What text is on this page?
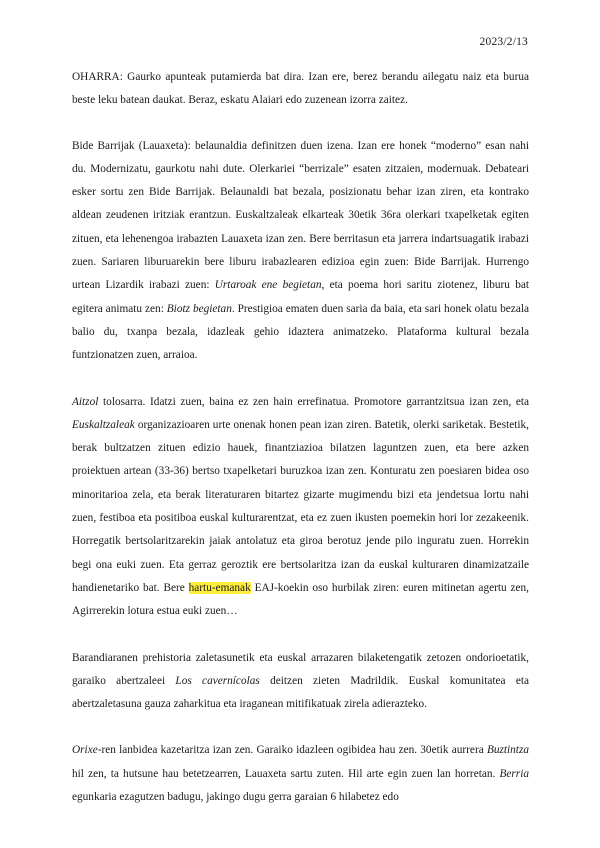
2023/2/13

OHARRA: Gaurko apunteak putamierda bat dira. Izan ere, berez berandu ailegatu naiz eta burua beste leku batean daukat. Beraz, eskatu Alaiari edo zuzenean izorra zaitez.

Bide Barrijak (Lauaxeta): belaunaldia definitzen duen izena. Izan ere honek “moderno” esan nahi du. Modernizatu, gaurkotu nahi dute. Olerkariei “berrizale” esaten zitzaien, modernuak. Debateari esker sortu zen Bide Barrijak. Belaunaldi bat bezala, posizionatu behar izan ziren, eta kontrako aldean zeudenen iritziak erantzun. Euskaltzaleak elkarteak 30etik 36ra olerkari txapelketak egiten zituen, eta lehenengoa irabazten Lauaxeta izan zen. Bere berritasun eta jarrera indartsuagatik irabazi zuen. Sariaren liburuarekin bere liburu irabazlearen edizioa egin zuen: Bide Barrijak. Hurrengo urtean Lizardik irabazi zuen: Urtaroak ene begietan, eta poema hori saritu ziotenez, liburu bat egitera animatu zen: Biotz begietan. Prestigioa ematen duen saria da baia, eta sari honek olatu bezala balio du, txanpa bezala, idazleak gehio idaztera animatzeko. Plataforma kultural bezala funtzionatzen zuen, arraioa.

Aitzol tolosarra. Idatzi zuen, baina ez zen hain errefinatua. Promotore garrantzitsua izan zen, eta Euskaltzaleak organizazioaren urte onenak honen pean izan ziren. Batetik, olerki sariketak. Bestetik, berak bultzatzen zituen edizio hauek, finantziazioa bilatzen laguntzen zuen, eta bere azken proiektuen artean (33-36) bertso txapelketari buruzkoa izan zen. Konturatu zen poesiaren bidea oso minoritarioa zela, eta berak literaturaren bitartez gizarte mugimendu bizi eta jendetsua lortu nahi zuen, festiboa eta positiboa euskal kulturarentzat, eta ez zuen ikusten poemekin hori lor zezakeenik. Horregatik bertsolaritzarekin jaiak antolatuz eta giroa berotuz jende pilo inguratu zuen. Horrekin begi ona euki zuen. Eta gerraz geroztik ere bertsolaritza izan da euskal kulturaren dinamizatzaile handienetariko bat. Bere hartu-emanak EAJ-koekin oso hurbilak ziren: euren mitinetan agertu zen, Agirrerekin lotura estua euki zuen…

Barandiaranen prehistoria zaletasunetik eta euskal arrazaren bilaketengatik zetozen ondorioetatik, garaiko abertzaleei Los cavernícolas deitzen zieten Madrildik. Euskal komunitatea eta abertzaletasuna gauza zaharkitua eta iraganean mitifikatuak zirela adierazteko.

Orixe-ren lanbidea kazetaritza izan zen. Garaiko idazleen ogibidea hau zen. 30etik aurrera Buztintza hil zen, ta hutsune hau betetzearren, Lauaxeta sartu zuten. Hil arte egin zuen lan horretan. Berria egunkaria ezagutzen badugu, jakingo dugu gerra garaian 6 hilabetez edo
